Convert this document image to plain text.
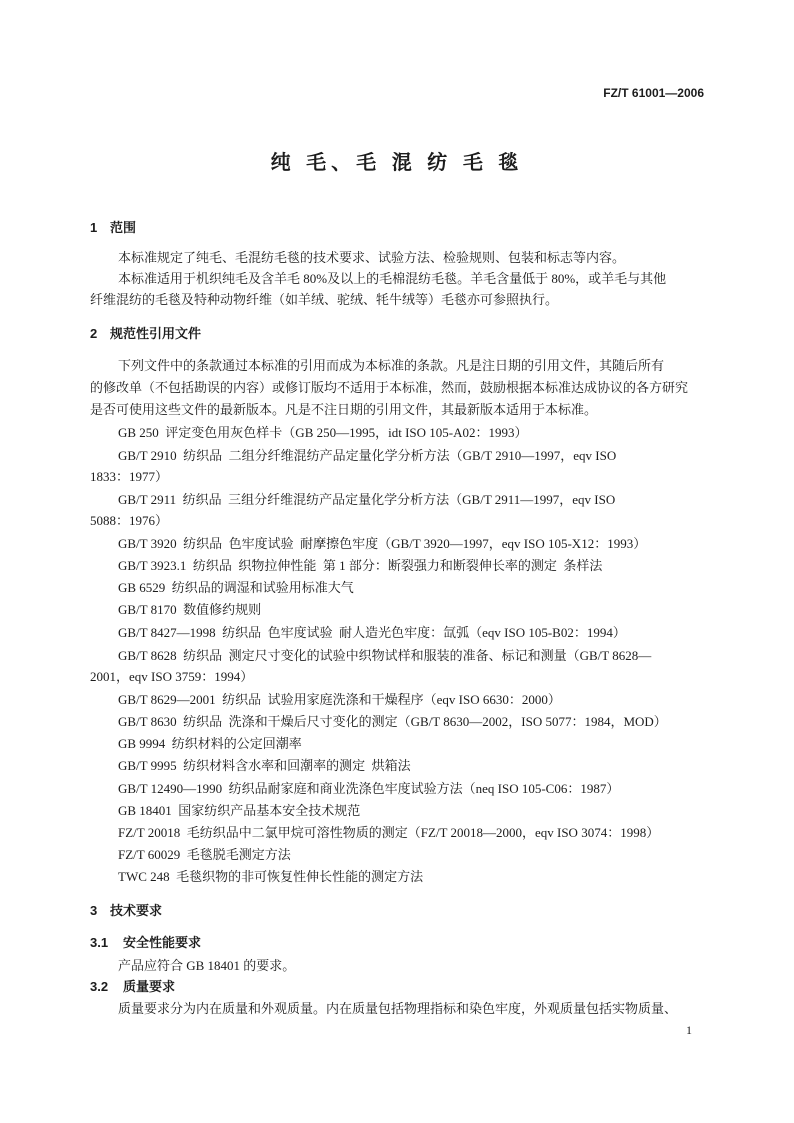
FZ/T 61001—2006
纯 毛、毛 混 纺 毛 毯
1 范围
本标准规定了纯毛、毛混纺毛毯的技术要求、试验方法、检验规则、包装和标志等内容。
本标准适用于机织纯毛及含羊毛 80%及以上的毛棉混纺毛毯。羊毛含量低于 80%，或羊毛与其他
纤维混纺的毛毯及特种动物纤维（如羊绒、驼绒、牦牛绒等）毛毯亦可参照执行。
2 规范性引用文件
下列文件中的条款通过本标准的引用而成为本标准的条款。凡是注日期的引用文件，其随后所有
的修改单（不包括勘误的内容）或修订版均不适用于本标准，然而，鼓励根据本标准达成协议的各方研究
是否可使用这些文件的最新版本。凡是不注日期的引用文件，其最新版本适用于本标准。
GB 250  评定变色用灰色样卡（GB 250—1995，idt ISO 105-A02：1993）
GB/T 2910  纺织品  二组分纤维混纺产品定量化学分析方法（GB/T 2910—1997，eqv ISO
1833：1977）
GB/T 2911  纺织品  三组分纤维混纺产品定量化学分析方法（GB/T 2911—1997，eqv ISO
5088：1976）
GB/T 3920  纺织品  色牢度试验  耐摩擦色牢度（GB/T 3920—1997，eqv ISO 105-X12：1993）
GB/T 3923.1  纺织品  织物拉伸性能  第 1 部分：断裂强力和断裂伸长率的测定  条样法
GB 6529  纺织品的调湿和试验用标准大气
GB/T 8170  数值修约规则
GB/T 8427—1998  纺织品  色牢度试验  耐人造光色牢度：氙弧（eqv ISO 105-B02：1994）
GB/T 8628  纺织品  测定尺寸变化的试验中织物试样和服装的准备、标记和测量（GB/T 8628—
2001，eqv ISO 3759：1994）
GB/T 8629—2001  纺织品  试验用家庭洗涤和干燥程序（eqv ISO 6630：2000）
GB/T 8630  纺织品  洗涤和干燥后尺寸变化的测定（GB/T 8630—2002，ISO 5077：1984，MOD）
GB 9994  纺织材料的公定回潮率
GB/T 9995  纺织材料含水率和回潮率的测定  烘箱法
GB/T 12490—1990  纺织品耐家庭和商业洗涤色牢度试验方法（neq ISO 105-C06：1987）
GB 18401  国家纺织产品基本安全技术规范
FZ/T 20018  毛纺织品中二氯甲烷可溶性物质的测定（FZ/T 20018—2000，eqv ISO 3074：1998）
FZ/T 60029  毛毯脱毛测定方法
TWC 248  毛毯织物的非可恢复性伸长性能的测定方法
3 技术要求
3.1 安全性能要求
产品应符合 GB 18401 的要求。
3.2 质量要求
质量要求分为内在质量和外观质量。内在质量包括物理指标和染色牢度，外观质量包括实物质量、
1
